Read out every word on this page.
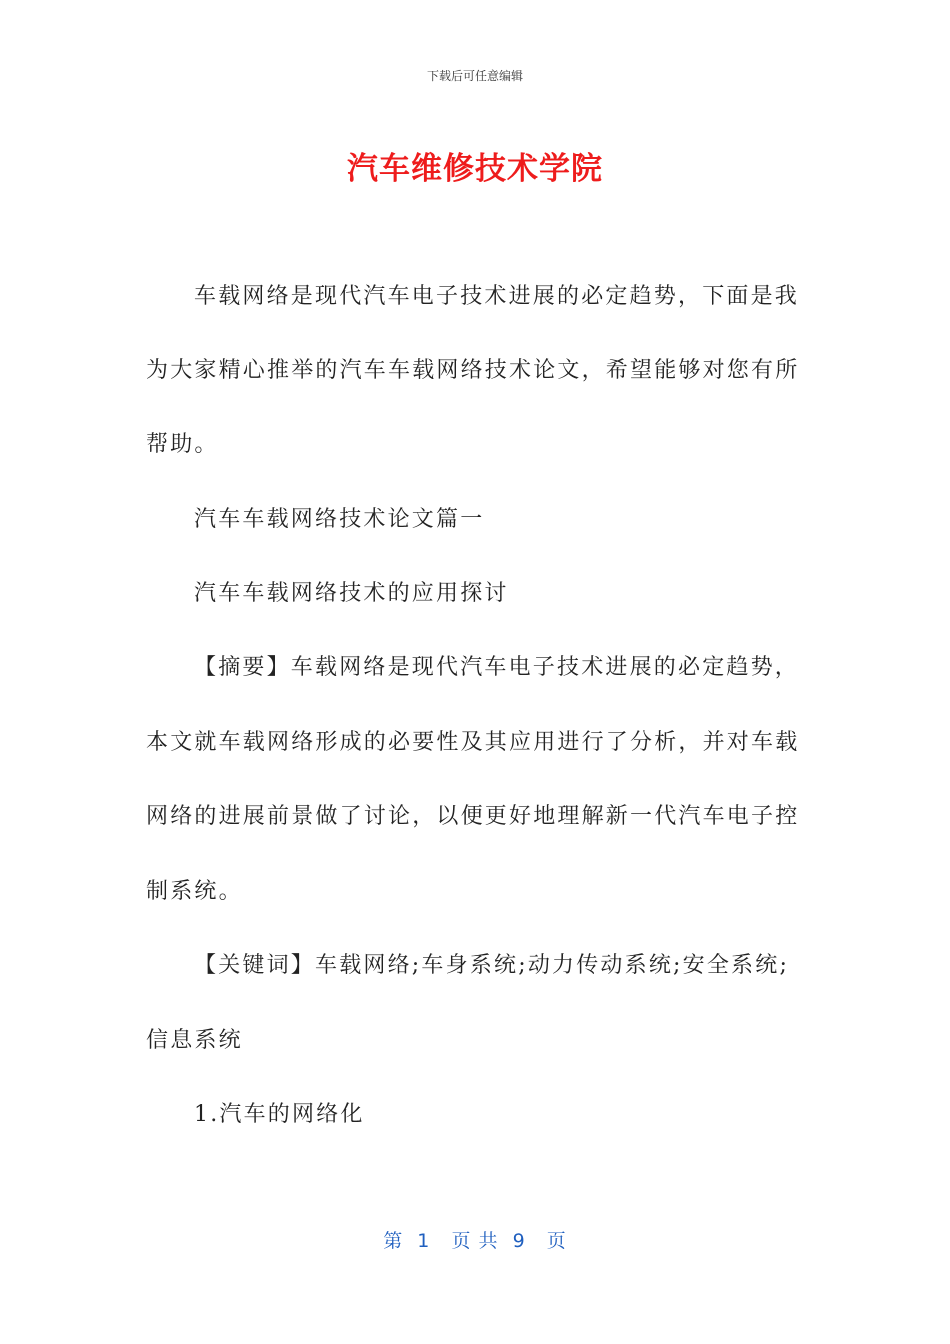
下载后可任意编辑
汽车维修技术学院
车载网络是现代汽车电子技术进展的必定趋势，下面是我
为大家精心推举的汽车车载网络技术论文，希望能够对您有所
帮助。
汽车车载网络技术论文篇一
汽车车载网络技术的应用探讨
【摘要】车载网络是现代汽车电子技术进展的必定趋势，
本文就车载网络形成的必要性及其应用进行了分析，并对车载
网络的进展前景做了讨论，以便更好地理解新一代汽车电子控
制系统。
【关键词】车载网络;车身系统;动力传动系统;安全系统;
信息系统
1.汽车的网络化
第  1   页 共  9   页
